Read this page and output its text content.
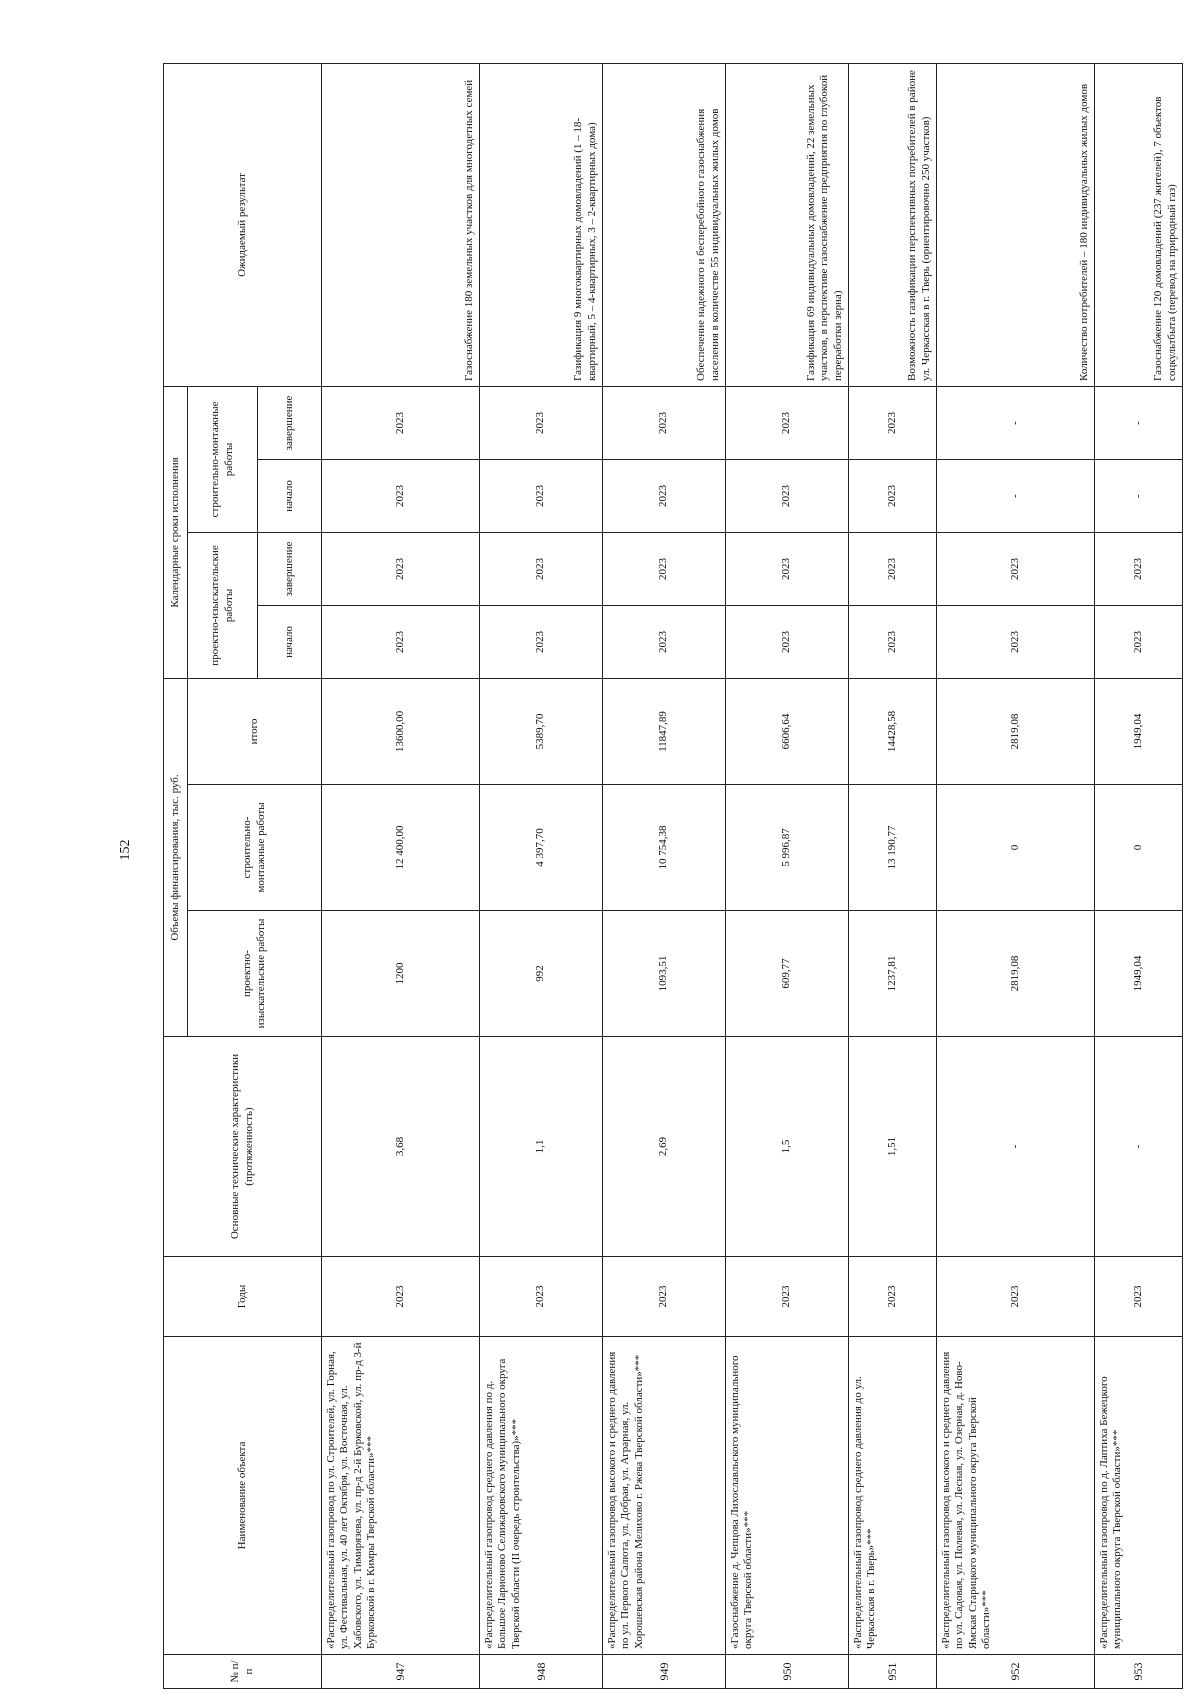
152
№ п/п	Наименование объекта	Годы	Основные технические характеристики (протяженность)	Объемы финансирования, тыс. руб.			Календарные сроки исполнения				Ожидаемый результат
				проектно-изыскательские работы	строительно-монтажные работы	итого	проектно-изыскательские работы		строительно-монтажные работы		
							начало	завершение	начало	завершение	
947	«Распределительный газопровод по ул. Строителей, ул. Горная, ул. Фестивальная, ул. 40 лет Октября, ул. Восточная, ул. Хабовского, ул. Тимирязева, ул. пр-д 2-й Бурковской, ул. пр-д 3-й Бурковской в г. Кимры Тверской области»***	2023	3,68	1200	12 400,00	13600,00	2023	2023	2023	2023	Газоснабжение 180 земельных участков для многодетных семей
948	«Распределительный газопровод среднего давления по д. Большое Ларионово Селижаровского муниципального округа Тверской области (II очередь строительства)»***	2023	1,1	992	4 397,70	5389,70	2023	2023	2023	2023	Газификация 9 многоквартирных домовладений (1 – 18-квартирный, 5 – 4-квартирных, 3 – 2-квартирных дома)
949	«Распределительный газопровод высокого и среднего давления по ул. Первого Салюта, ул. Добрая, ул. Аграрная, ул. Хорошевская района Мелихово г. Ржева Тверской области»***	2023	2,69	1093,51	10 754,38	11847,89	2023	2023	2023	2023	Обеспечение надежного и бесперебойного газоснабжения населения в количестве 55 индивидуальных жилых домов
950	«Газоснабжение д. Чепцова Лихославльского муниципального округа Тверской области»***	2023	1,5	609,77	5 996,87	6606,64	2023	2023	2023	2023	Газификация 69 индивидуальных домовладений, 22 земельных участков, в перспективе газоснабжение предприятия по глубокой переработки зерна)
951	«Распределительный газопровод среднего давления до ул. Черкасская в г. Тверь»***	2023	1,51	1237,81	13 190,77	14428,58	2023	2023	2023	2023	Возможность газификации перспективных потребителей в районе ул. Черкасская в г. Тверь (ориентировочно 250 участков)
952	«Распределительный газопровод высокого и среднего давления по ул. Садовая, ул. Полевая, ул. Лесная, ул. Озерная, д. Ново-Ямская Старицкого муниципального округа Тверской области»***	2023	-	2819,08	0	2819,08	2023	2023	-	-	Количество потребителей – 180 индивидуальных жилых домов
953	«Распределительный газопровод по д. Лаптиха Бежецкого муниципального округа Тверской области»***	2023	-	1949,04	0	1949,04	2023	2023	-	-	Газоснабжение 120 домовладений (237 жителей), 7 объектов соцкультбыта (перевод на природный газ)
